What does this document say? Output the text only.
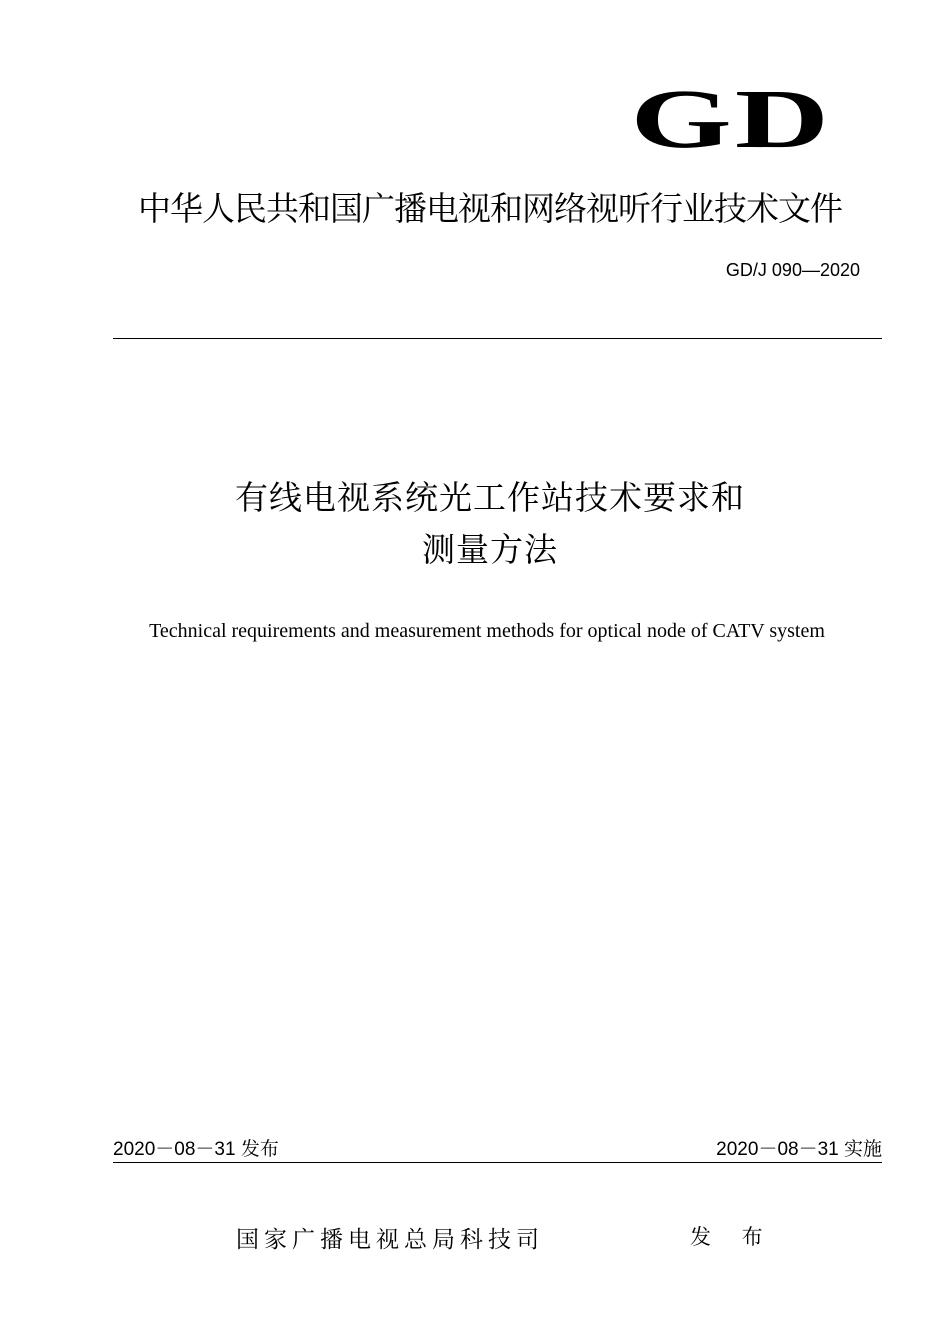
GD
中华人民共和国广播电视和网络视听行业技术文件
GD/J 090—2020
有线电视系统光工作站技术要求和
测量方法
Technical requirements and measurement methods for optical node of CATV system
2020－08－31 发布	2020－08－31 实施
国家广播电视总局科技司	发 布
